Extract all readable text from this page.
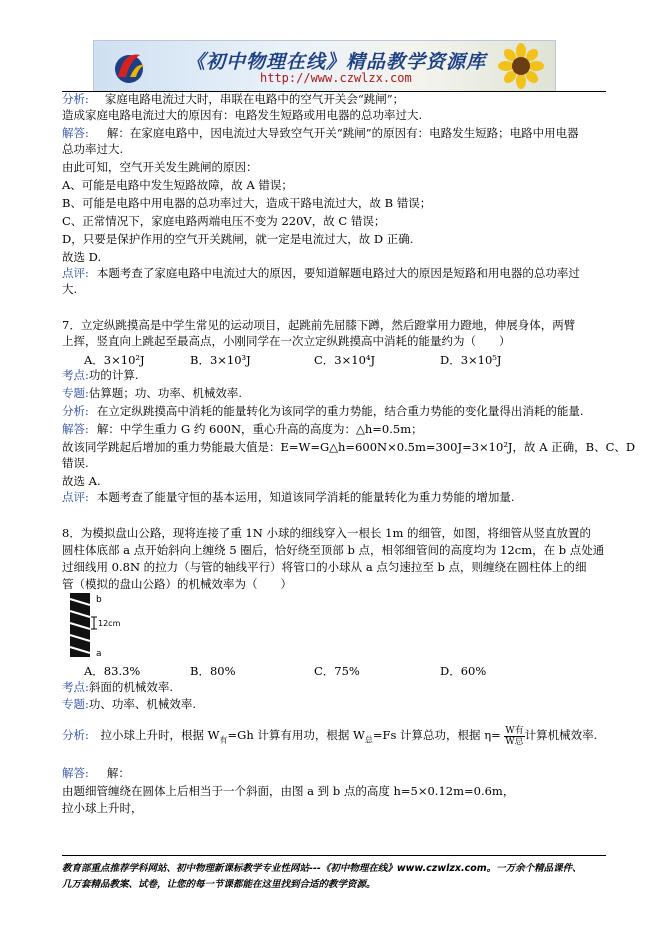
《初中物理在线》精品教学资源库
http://www.czwlzx.com
分析: 家庭电路电流过大时，串联在电路中的空气开关会“跳闸”；
造成家庭电路电流过大的原因有：电路发生短路或用电器的总功率过大.
解答: 解：在家庭电路中，因电流过大导致空气开关“跳闸”的原因有：电路发生短路；电路中用电器
总功率过大.
由此可知，空气开关发生跳闸的原因：
A、可能是电路中发生短路故障，故 A 错误；
B、可能是电路中用电器的总功率过大，造成干路电流过大，故 B 错误；
C、正常情况下，家庭电路两端电压不变为 220V，故 C 错误；
D，只要是保护作用的空气开关跳闸，就一定是电流过大，故 D 正确.
故选 D.
点评: 本题考查了家庭电路中电流过大的原因，要知道解题电路过大的原因是短路和用电器的总功率过
大.
7．立定纵跳摸高是中学生常见的运动项目，起跳前先屈膝下蹲，然后蹬掌用力蹬地，伸展身体，两臂
上挥，竖直向上跳起至最高点，小刚同学在一次立定纵跳摸高中消耗的能量约为（　　）
A．3×10²J	B．3×10³J	C．3×10⁴J	D．3×10⁵J
考点:功的计算.
专题:估算题；功、功率、机械效率.
分析: 在立定纵跳摸高中消耗的能量转化为该同学的重力势能，结合重力势能的变化量得出消耗的能量.
解答: 解：中学生重力 G 约 600N，重心升高的高度为：△h=0.5m；
故该同学跳起后增加的重力势能最大值是：E=W=G△h=600N×0.5m=300J=3×10²J，故 A 正确，B、C、D
错误.
故选 A.
点评: 本题考查了能量守恒的基本运用，知道该同学消耗的能量转化为重力势能的增加量.
8．为模拟盘山公路，现将连接了重 1N 小球的细线穿入一根长 1m 的细管，如图，将细管从竖直放置的
圆柱体底部 a 点开始斜向上缠绕 5 圈后，恰好绕至顶部 b 点，相邻细管间的高度均为 12cm，在 b 点处通
过细线用 0.8N 的拉力（与管的轴线平行）将管口的小球从 a 点匀速拉至 b 点，则缠绕在圆柱体上的细
管（模拟的盘山公路）的机械效率为（　　）
b
12cm
a
A．83.3%	B．80%	C．75%	D．60%
考点:斜面的机械效率.
专题:功、功率、机械效率.
分析: 拉小球上升时，根据 $W_有=Gh$ 计算有用功，根据 $W_总=Fs$ 计算总功，根据 $\eta= \frac{\text{W有}}{\text{W总}}$ 计算机械效率.
解答: 解：
由题细管缠绕在圆体上后相当于一个斜面，由图 a 到 b 点的高度 h=5×0.12m=0.6m，
拉小球上升时，
教育部重点推荐学科网站、初中物理新课标教学专业性网站---《初中物理在线》www.czwlzx.com。一万余个精品课件、
几万套精品教案、试卷，让您的每一节课都能在这里找到合适的教学资源。
